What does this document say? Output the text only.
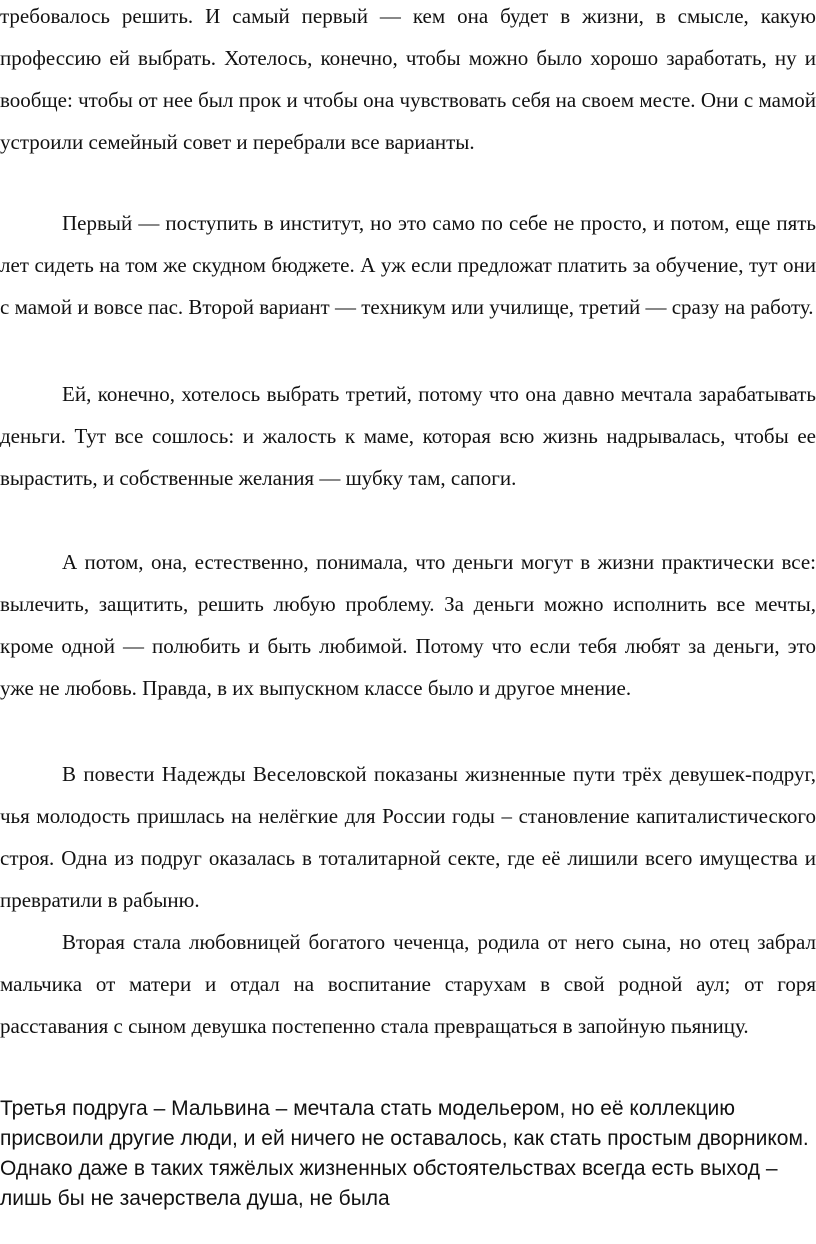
требовалось решить. И самый первый — кем она будет в жизни, в смысле, какую профессию ей выбрать. Хотелось, конечно, чтобы можно было хорошо заработать, ну и вообще: чтобы от нее был прок и чтобы она чувствовать себя на своем месте. Они с мамой устроили семейный совет и перебрали все варианты.

Первый — поступить в институт, но это само по себе не просто, и потом, еще пять лет сидеть на том же скудном бюджете. А уж если предложат платить за обучение, тут они с мамой и вовсе пас. Второй вариант — техникум или училище, третий — сразу на работу.

Ей, конечно, хотелось выбрать третий, потому что она давно мечтала зарабатывать деньги. Тут все сошлось: и жалость к маме, которая всю жизнь надрывалась, чтобы ее вырастить, и собственные желания — шубку там, сапоги.

А потом, она, естественно, понимала, что деньги могут в жизни практически все: вылечить, защитить, решить любую проблему. За деньги можно исполнить все мечты, кроме одной — полюбить и быть любимой. Потому что если тебя любят за деньги, это уже не любовь. Правда, в их выпускном классе было и другое мнение.

В повести Надежды Веселовской показаны жизненные пути трёх девушек-подруг, чья молодость пришлась на нелёгкие для России годы – становление капиталистического строя. Одна из подруг оказалась в тоталитарной секте, где её лишили всего имущества и превратили в рабыню.

Вторая стала любовницей богатого чеченца, родила от него сына, но отец забрал мальчика от матери и отдал на воспитание старухам в свой родной аул; от горя расставания с сыном девушка постепенно стала превращаться в запойную пьяницу.

Третья подруга – Мальвина – мечтала стать модельером, но её коллекцию присвоили другие люди, и ей ничего не оставалось, как стать простым дворником. Однако даже в таких тяжёлых жизненных обстоятельствах всегда есть выход – лишь бы не зачерствела душа, не была
